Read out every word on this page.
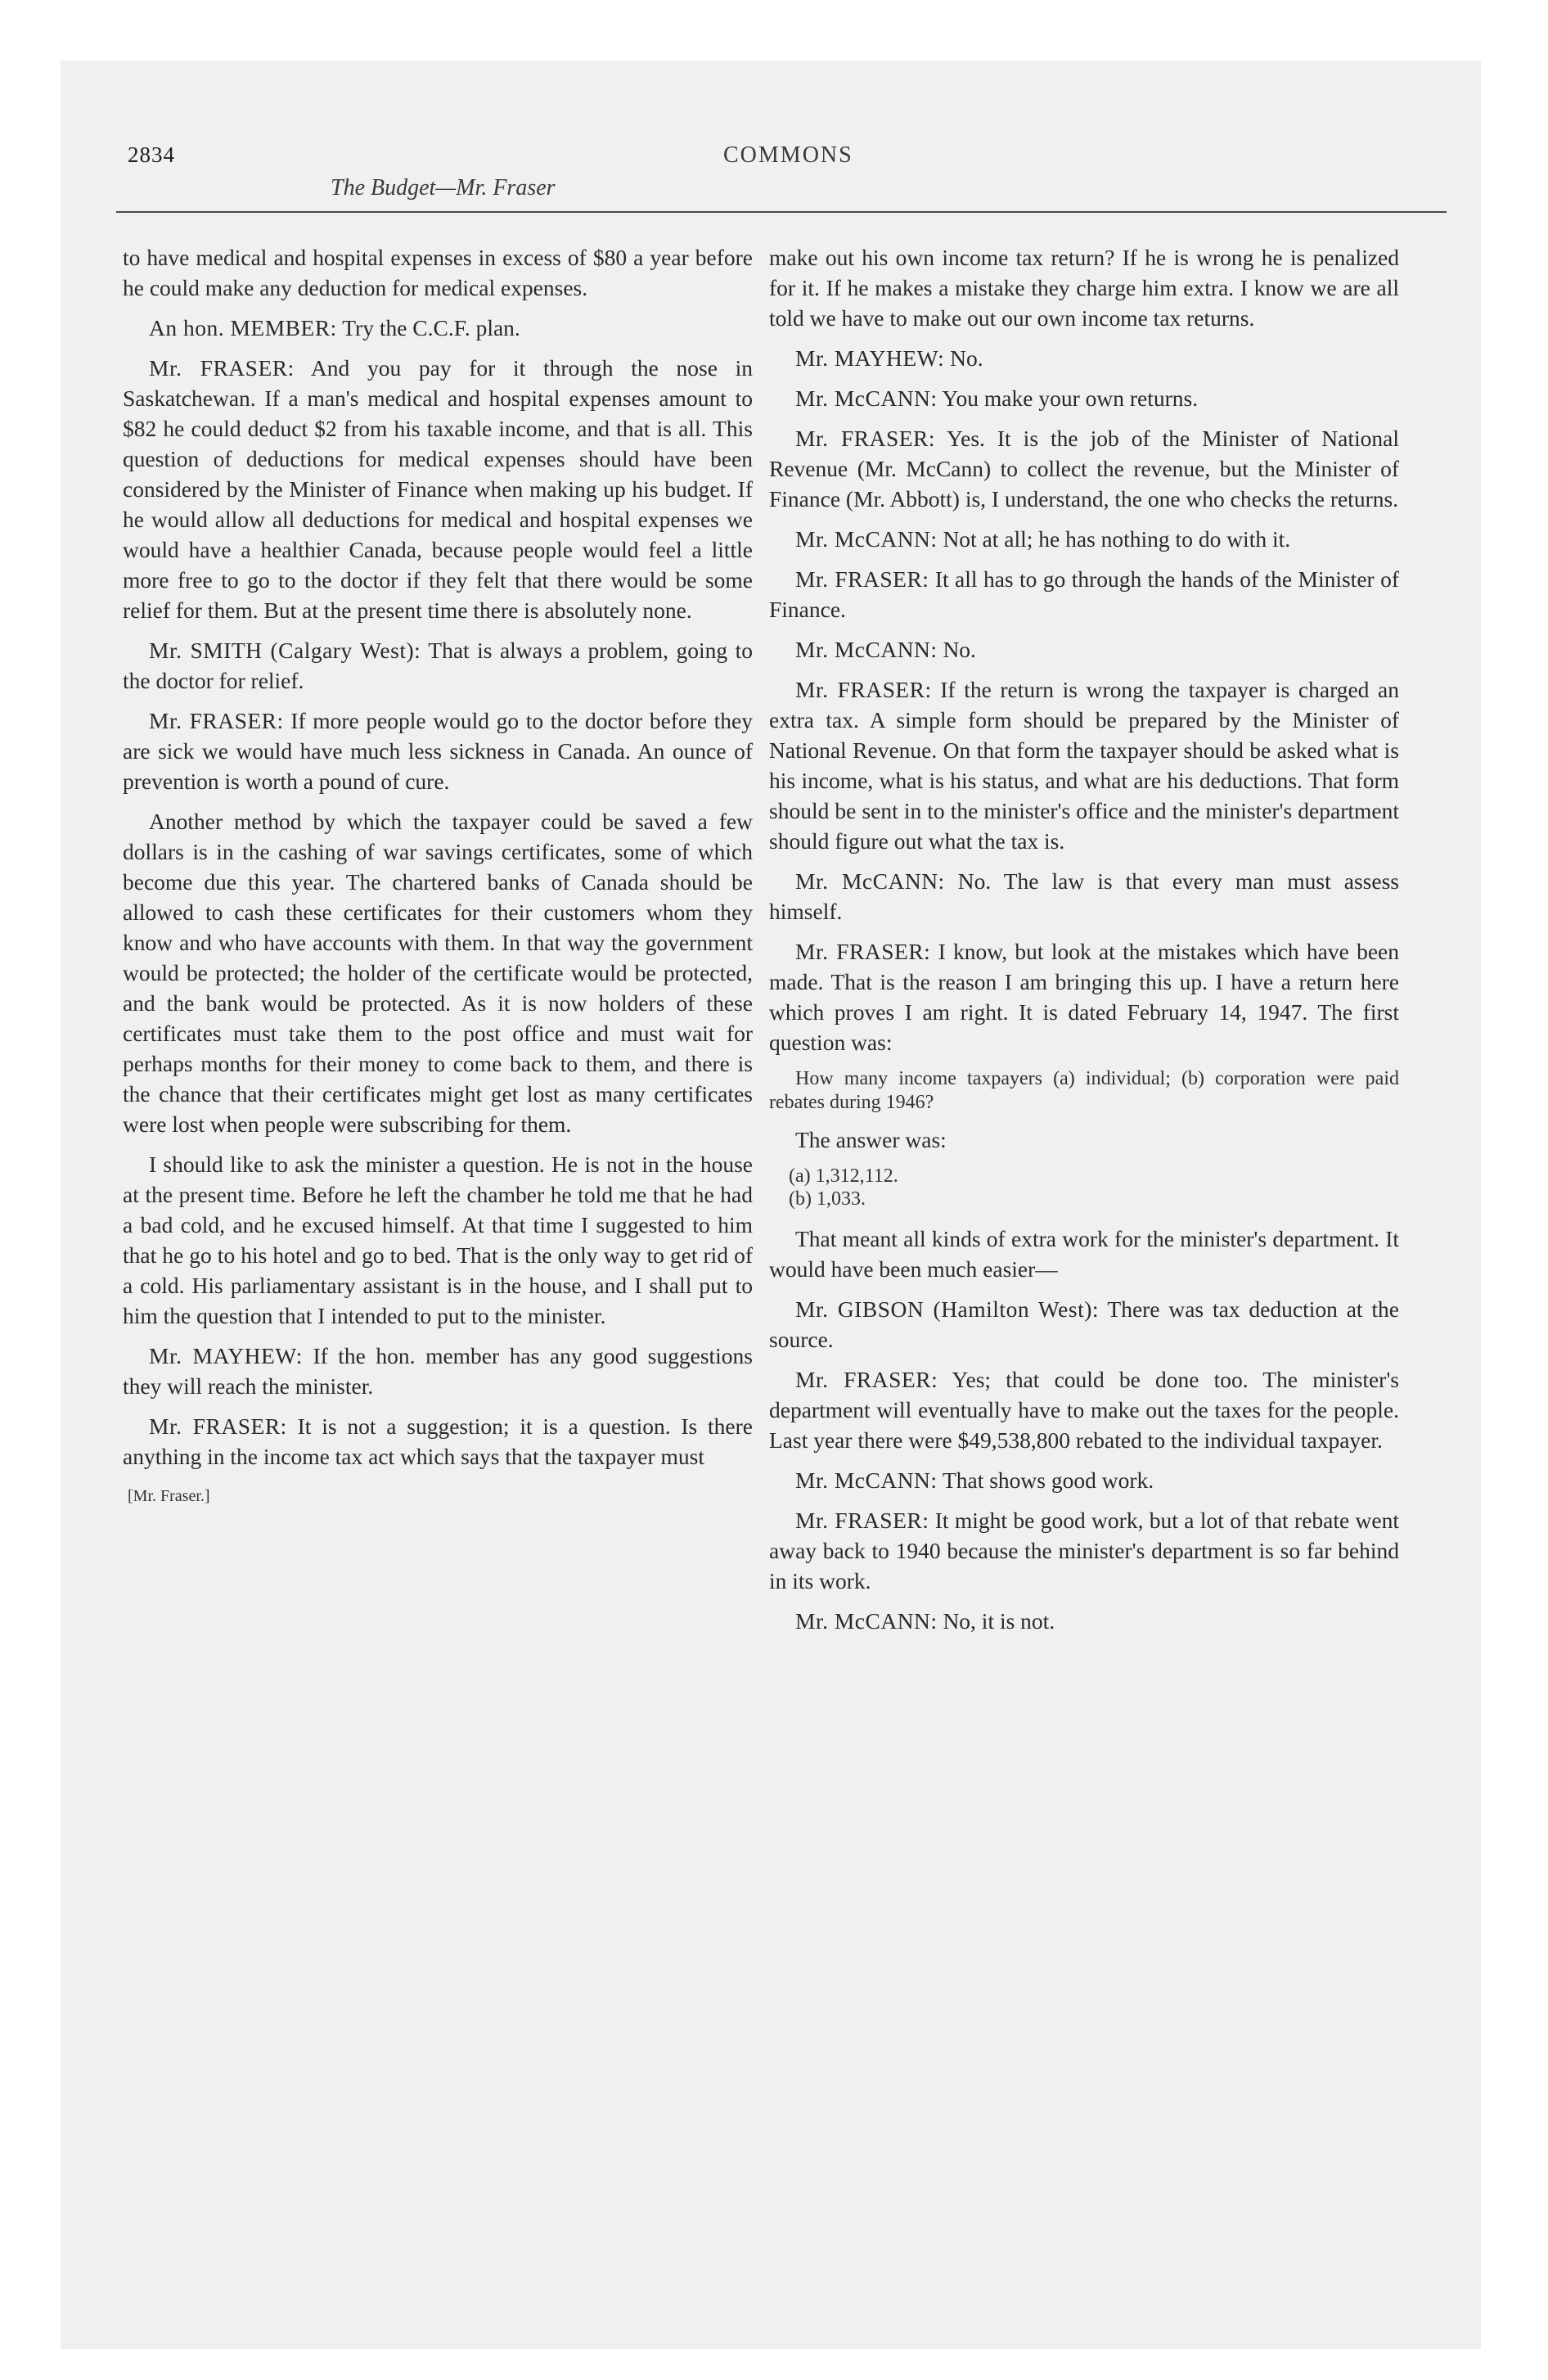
2834
The Budget—Mr. Fraser
COMMONS

to have medical and hospital expenses in excess of $80 a year before he could make any deduction for medical expenses.

An hon. MEMBER: Try the C.C.F. plan.

Mr. FRASER: And you pay for it through the nose in Saskatchewan. If a man's medical and hospital expenses amount to $82 he could deduct $2 from his taxable income, and that is all. This question of deductions for medical expenses should have been considered by the Minister of Finance when making up his budget. If he would allow all deductions for medical and hospital expenses we would have a healthier Canada, because people would feel a little more free to go to the doctor if they felt that there would be some relief for them. But at the present time there is absolutely none.

Mr. SMITH (Calgary West): That is always a problem, going to the doctor for relief.

Mr. FRASER: If more people would go to the doctor before they are sick we would have much less sickness in Canada. An ounce of prevention is worth a pound of cure.

Another method by which the taxpayer could be saved a few dollars is in the cashing of war savings certificates, some of which become due this year. The chartered banks of Canada should be allowed to cash these certificates for their customers whom they know and who have accounts with them. In that way the government would be protected; the holder of the certificate would be protected, and the bank would be protected. As it is now holders of these certificates must take them to the post office and must wait for perhaps months for their money to come back to them, and there is the chance that their certificates might get lost as many certificates were lost when people were subscribing for them.

I should like to ask the minister a question. He is not in the house at the present time. Before he left the chamber he told me that he had a bad cold, and he excused himself. At that time I suggested to him that he go to his hotel and go to bed. That is the only way to get rid of a cold. His parliamentary assistant is in the house, and I shall put to him the question that I intended to put to the minister.

Mr. MAYHEW: If the hon. member has any good suggestions they will reach the minister.

Mr. FRASER: It is not a suggestion; it is a question. Is there anything in the income tax act which says that the taxpayer must

[Mr. Fraser.]

make out his own income tax return? If he is wrong he is penalized for it. If he makes a mistake they charge him extra. I know we are all told we have to make out our own income tax returns.

Mr. MAYHEW: No.

Mr. McCANN: You make your own returns.

Mr. FRASER: Yes. It is the job of the Minister of National Revenue (Mr. McCann) to collect the revenue, but the Minister of Finance (Mr. Abbott) is, I understand, the one who checks the returns.

Mr. McCANN: Not at all; he has nothing to do with it.

Mr. FRASER: It all has to go through the hands of the Minister of Finance.

Mr. McCANN: No.

Mr. FRASER: If the return is wrong the taxpayer is charged an extra tax. A simple form should be prepared by the Minister of National Revenue. On that form the taxpayer should be asked what is his income, what is his status, and what are his deductions. That form should be sent in to the minister's office and the minister's department should figure out what the tax is.

Mr. McCANN: No. The law is that every man must assess himself.

Mr. FRASER: I know, but look at the mistakes which have been made. That is the reason I am bringing this up. I have a return here which proves I am right. It is dated February 14, 1947. The first question was:

How many income taxpayers (a) individual; (b) corporation were paid rebates during 1946?

The answer was:

(a) 1,312,112.
(b) 1,033.

That meant all kinds of extra work for the minister's department. It would have been much easier—

Mr. GIBSON (Hamilton West): There was tax deduction at the source.

Mr. FRASER: Yes; that could be done too. The minister's department will eventually have to make out the taxes for the people. Last year there were $49,538,800 rebated to the individual taxpayer.

Mr. McCANN: That shows good work.

Mr. FRASER: It might be good work, but a lot of that rebate went away back to 1940 because the minister's department is so far behind in its work.

Mr. McCANN: No, it is not.
